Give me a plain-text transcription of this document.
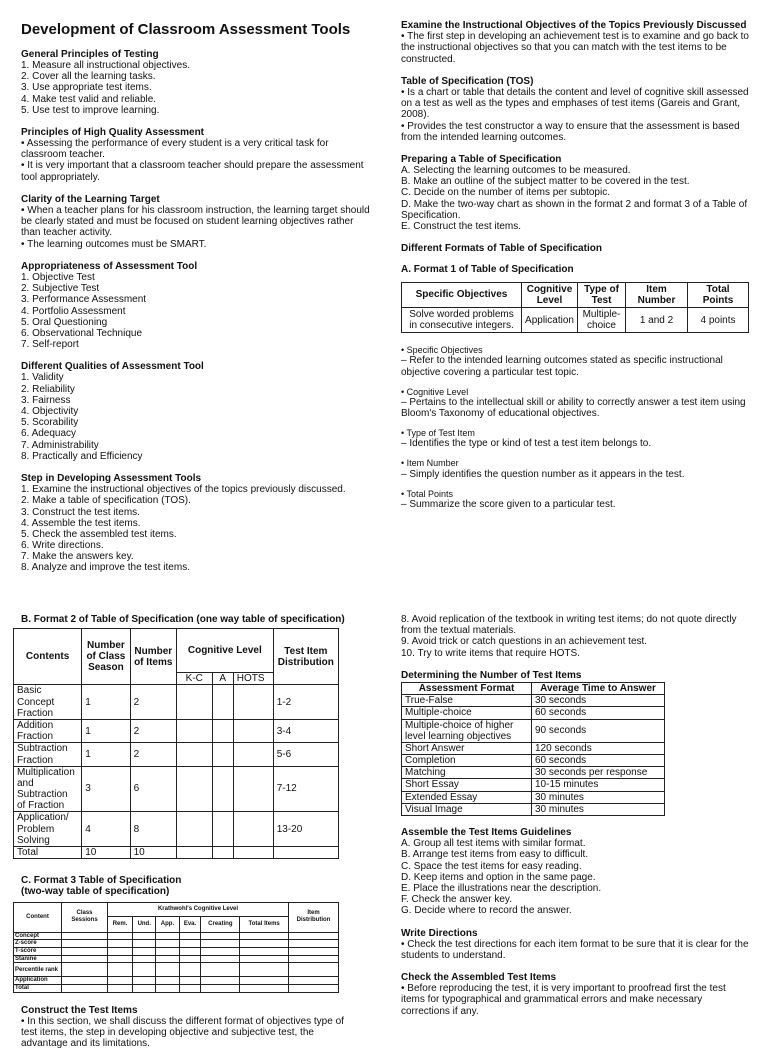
Development of Classroom Assessment Tools
General Principles of Testing
1. Measure all instructional objectives.
2. Cover all the learning tasks.
3. Use appropriate test items.
4. Make test valid and reliable.
5. Use test to improve learning.
Principles of High Quality Assessment
• Assessing the performance of every student is a very critical task for classroom teacher.
• It is very important that a classroom teacher should prepare the assessment tool appropriately.
Clarity of the Learning Target
• When a teacher plans for his classroom instruction, the learning target should be clearly stated and must be focused on student learning objectives rather than teacher activity.
• The learning outcomes must be SMART.
Appropriateness of Assessment Tool
1. Objective Test
2. Subjective Test
3. Performance Assessment
4. Portfolio Assessment
5. Oral Questioning
6. Observational Technique
7. Self-report
Different Qualities of Assessment Tool
1. Validity
2. Reliability
3. Fairness
4. Objectivity
5. Scorability
6. Adequacy
7. Administrability
8. Practically and Efficiency
Step in Developing Assessment Tools
1. Examine the instructional objectives of the topics previously discussed.
2. Make a table of specification (TOS).
3. Construct the test items.
4. Assemble the test items.
5. Check the assembled test items.
6. Write directions.
7. Make the answers key.
8. Analyze and improve the test items.
Examine the Instructional Objectives of the Topics Previously Discussed
• The first step in developing an achievement test is to examine and go back to the instructional objectives so that you can match with the test items to be constructed.
Table of Specification (TOS)
• Is a chart or table that details the content and level of cognitive skill assessed on a test as well as the types and emphases of test items (Gareis and Grant, 2008).
• Provides the test constructor a way to ensure that the assessment is based from the intended learning outcomes.
Preparing a Table of Specification
A. Selecting the learning outcomes to be measured.
B. Make an outline of the subject matter to be covered in the test.
C. Decide on the number of items per subtopic.
D. Make the two-way chart as shown in the format 2 and format 3 of a Table of Specification.
E. Construct the test items.
Different Formats of Table of Specification
A. Format 1 of Table of Specification
Specific Objectives	Cognitive Level	Type of Test	Item Number	Total Points
Solve worded problems in consecutive integers.	Application	Multiple-choice	1 and 2	4 points
• Specific Objectives
– Refer to the intended learning outcomes stated as specific instructional objective covering a particular test topic.
• Cognitive Level
– Pertains to the intellectual skill or ability to correctly answer a test item using Bloom's Taxonomy of educational objectives.
• Type of Test Item
– Identifies the type or kind of test a test item belongs to.
• Item Number
– Simply identifies the question number as it appears in the test.
• Total Points
– Summarize the score given to a particular test.
B. Format 2 of Table of Specification (one way table of specification)
Contents	Number of Class Season	Number of Items	Cognitive Level			Test Item Distribution
			K-C	A	HOTS	
Basic Concept Fraction	1	2				1-2
Addition Fraction	1	2				3-4
Subtraction Fraction	1	2				5-6
Multiplication and Subtraction of Fraction	3	6				7-12
Application/ Problem Solving	4	8				13-20
Total	10	10				
C. Format 3 Table of Specification
(two-way table of specification)
Content	Class Sessions	Krathwohl's Cognitive Level						Item Distribution
		Rem.	Und.	App.	Eva.	Creating	Total Items	
Concept								
Z-score								
T-score								
Stanine								
Percentile rank								
Application								
Total								
Construct the Test Items
• In this section, we shall discuss the different format of objectives type of test items, the step in developing objective and subjective test, the advantage and its limitations.
8. Avoid replication of the textbook in writing test items; do not quote directly from the textual materials.
9. Avoid trick or catch questions in an achievement test.
10. Try to write items that require HOTS.
Determining the Number of Test Items
Assessment Format	Average Time to Answer
True-False	30 seconds
Multiple-choice	60 seconds
Multiple-choice of higher level learning objectives	90 seconds
Short Answer	120 seconds
Completion	60 seconds
Matching	30 seconds per response
Short Essay	10-15 minutes
Extended Essay	30 minutes
Visual Image	30 minutes
Assemble the Test Items Guidelines
A. Group all test items with similar format.
B. Arrange test items from easy to difficult.
C. Space the test items for easy reading.
D. Keep items and option in the same page.
E. Place the illustrations near the description.
F. Check the answer key.
G. Decide where to record the answer.
Write Directions
• Check the test directions for each item format to be sure that it is clear for the students to understand.
Check the Assembled Test Items
• Before reproducing the test, it is very important to proofread first the test items for typographical and grammatical errors and make necessary corrections if any.
